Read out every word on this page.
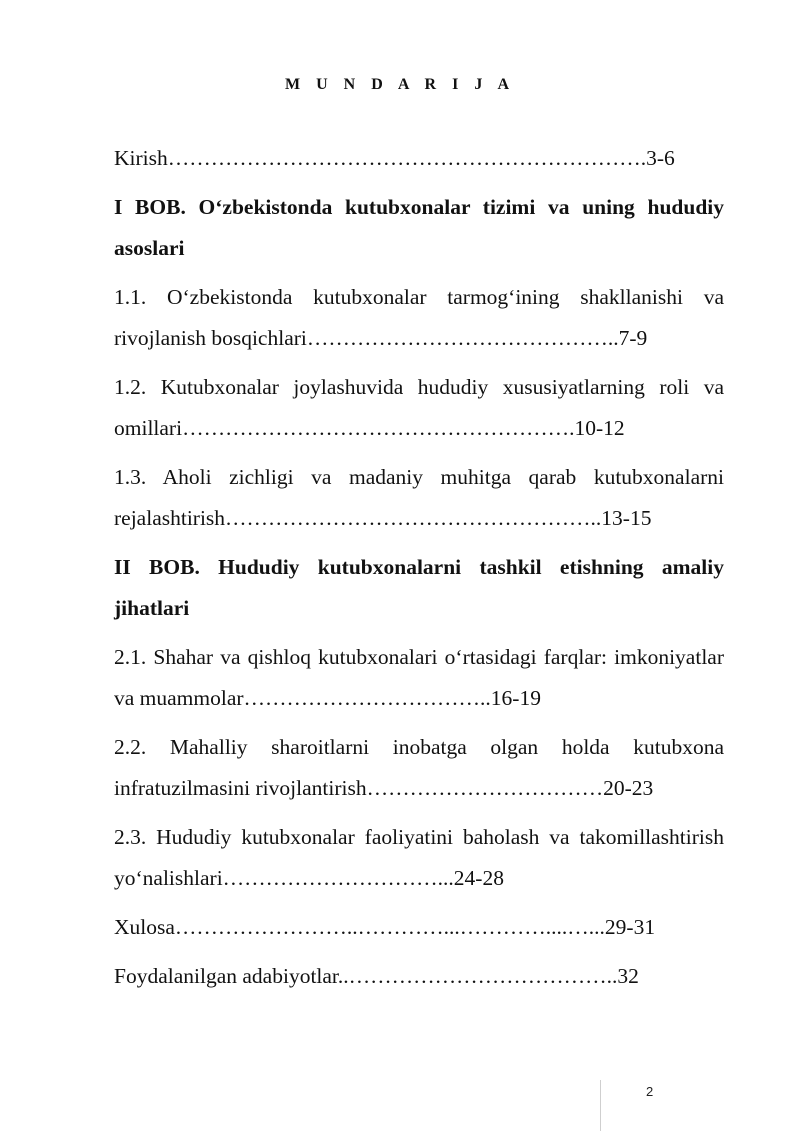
M U N D A R I J A
Kirish………………………………………………………….3-6
I BOB. O‘zbekistonda kutubxonalar tizimi va uning hududiy asoslari
1.1. O‘zbekistonda kutubxonalar tarmog‘ining shakllanishi va rivojlanish bosqichlari……………………………………..7-9
1.2. Kutubxonalar joylashuvida hududiy xususiyatlarning roli va omillari……………………………………………….10-12
1.3. Aholi zichligi va madaniy muhitga qarab kutubxonalarni rejalashtirish……………………………………………..13-15
II BOB. Hududiy kutubxonalarni tashkil etishning amaliy jihatlari
2.1. Shahar va qishloq kutubxonalari o‘rtasidagi farqlar: imkoniyatlar va muammolar……………………………..16-19
2.2. Mahalliy sharoitlarni inobatga olgan holda kutubxona infratuzilmasini rivojlantirish……………………………20-23
2.3. Hududiy kutubxonalar faoliyatini baholash va takomillashtirish yo‘nalishlari…………………………...24-28
Xulosa……………………..…………...…………....…...29-31
Foydalanilgan adabiyotlar..………………………………..32
2
